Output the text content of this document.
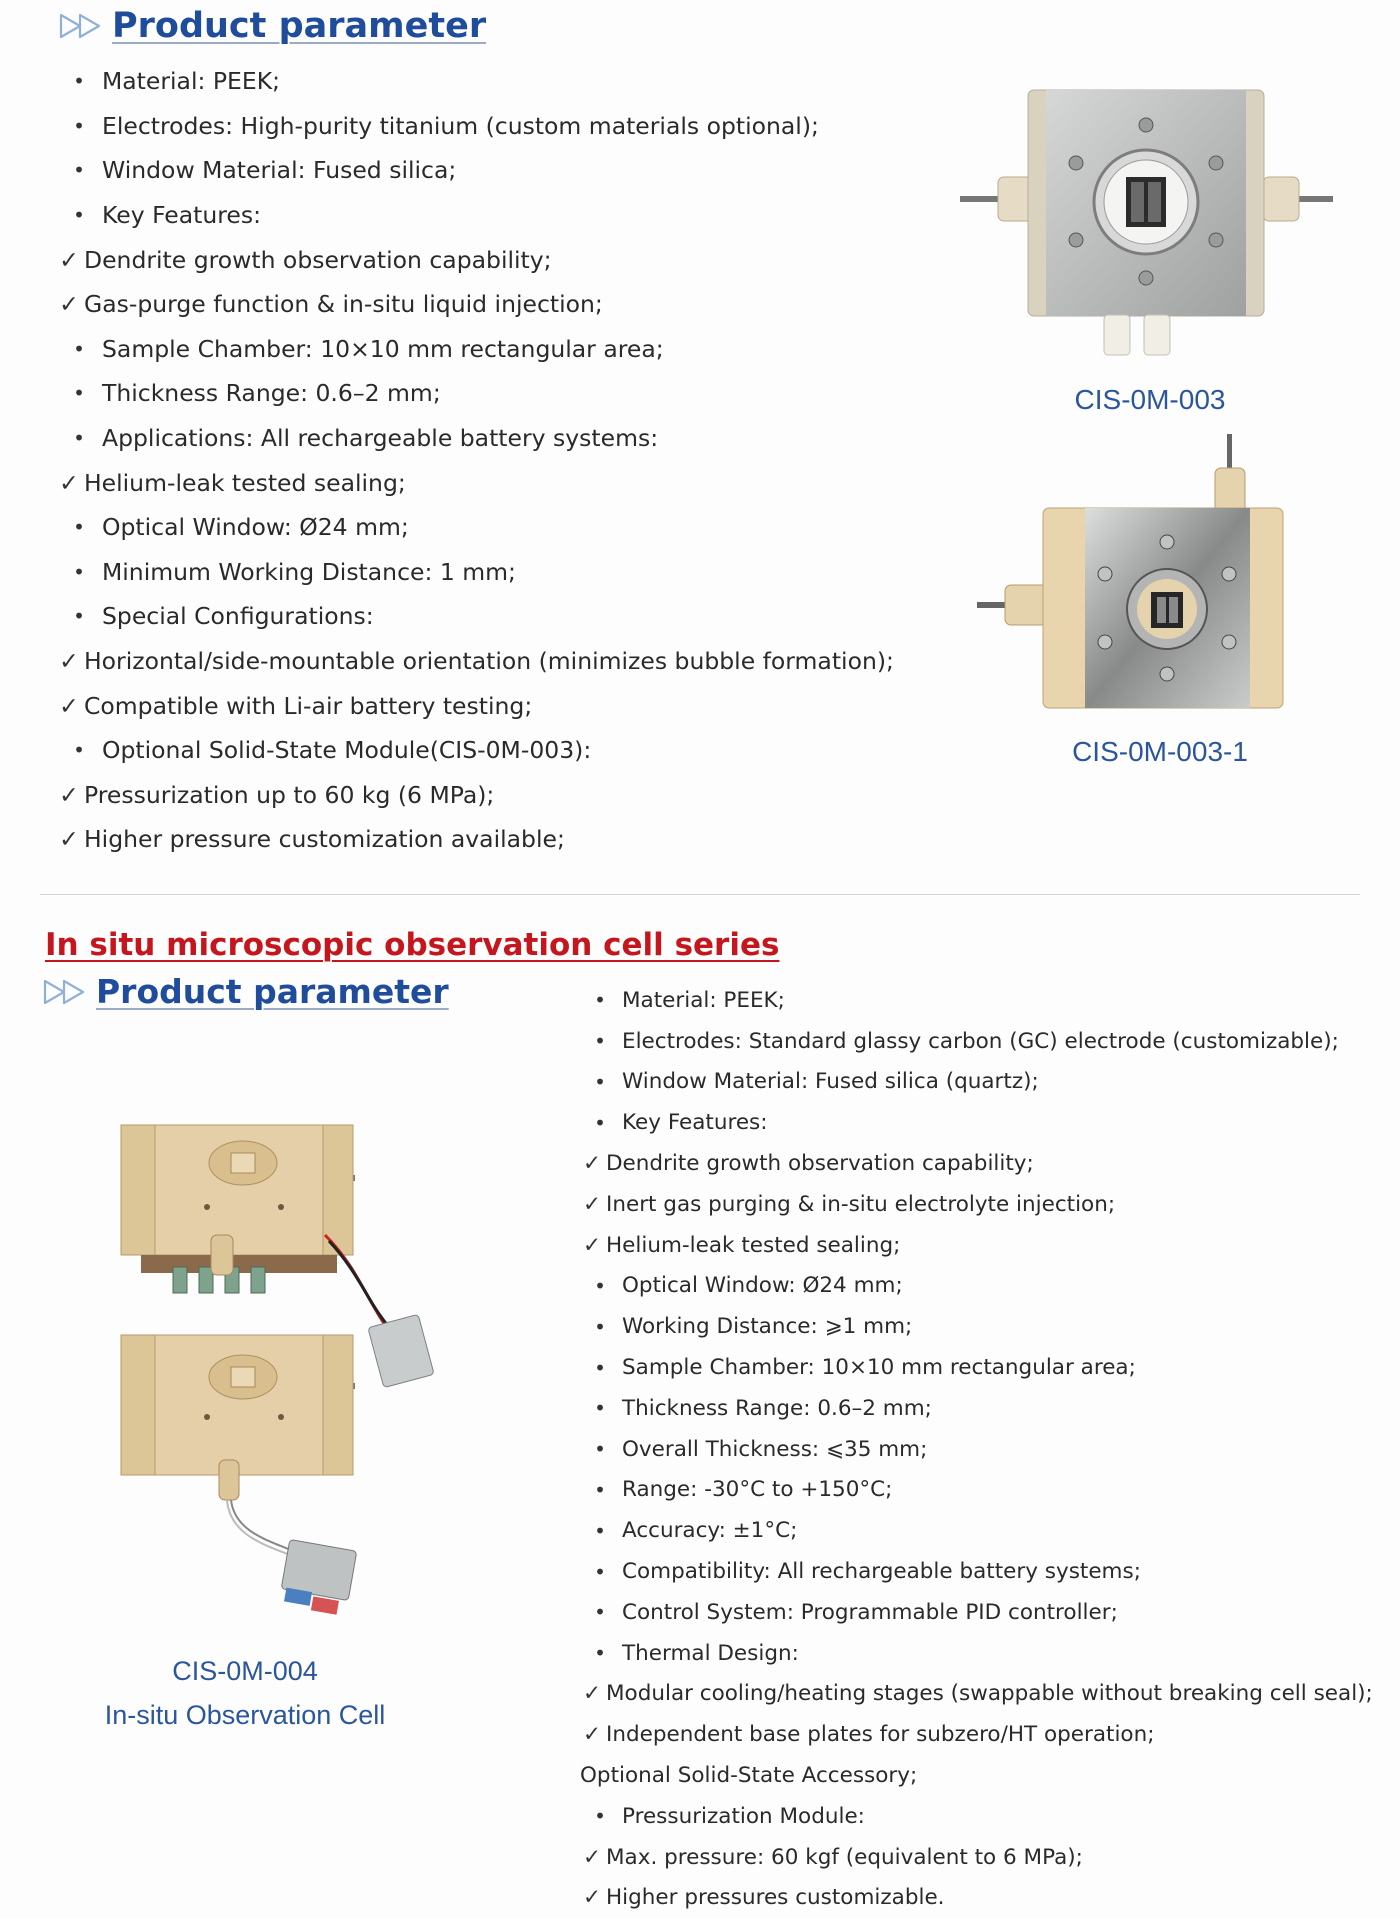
Product parameter
• Material: PEEK;
• Electrodes: High-purity titanium (custom materials optional);
• Window Material: Fused silica;
• Key Features:
✓ Dendrite growth observation capability;
✓ Gas-purge function & in-situ liquid injection;
• Sample Chamber: 10×10 mm rectangular area;
• Thickness Range: 0.6–2 mm;
• Applications: All rechargeable battery systems:
✓ Helium-leak tested sealing;
• Optical Window: Ø24 mm;
• Minimum Working Distance: 1 mm;
• Special Configurations:
✓ Horizontal/side-mountable orientation (minimizes bubble formation);
✓ Compatible with Li-air battery testing;
• Optional Solid-State Module(CIS-0M-003):
✓ Pressurization up to 60 kg (6 MPa);
✓ Higher pressure customization available;
CIS-0M-003
CIS-0M-003-1
In situ microscopic observation cell series
Product parameter
CIS-0M-004
In-situ Observation Cell
• Material: PEEK;
• Electrodes: Standard glassy carbon (GC) electrode (customizable);
• Window Material: Fused silica (quartz);
• Key Features:
✓ Dendrite growth observation capability;
✓ Inert gas purging & in-situ electrolyte injection;
✓ Helium-leak tested sealing;
• Optical Window: Ø24 mm;
• Working Distance: ⩾1 mm;
• Sample Chamber: 10×10 mm rectangular area;
• Thickness Range: 0.6–2 mm;
• Overall Thickness: ⩽35 mm;
• Range: -30°C to +150°C;
• Accuracy: ±1°C;
• Compatibility: All rechargeable battery systems;
• Control System: Programmable PID controller;
• Thermal Design:
✓ Modular cooling/heating stages (swappable without breaking cell seal);
✓ Independent base plates for subzero/HT operation;
Optional Solid-State Accessory;
• Pressurization Module:
✓ Max. pressure: 60 kgf (equivalent to 6 MPa);
✓ Higher pressures customizable.
